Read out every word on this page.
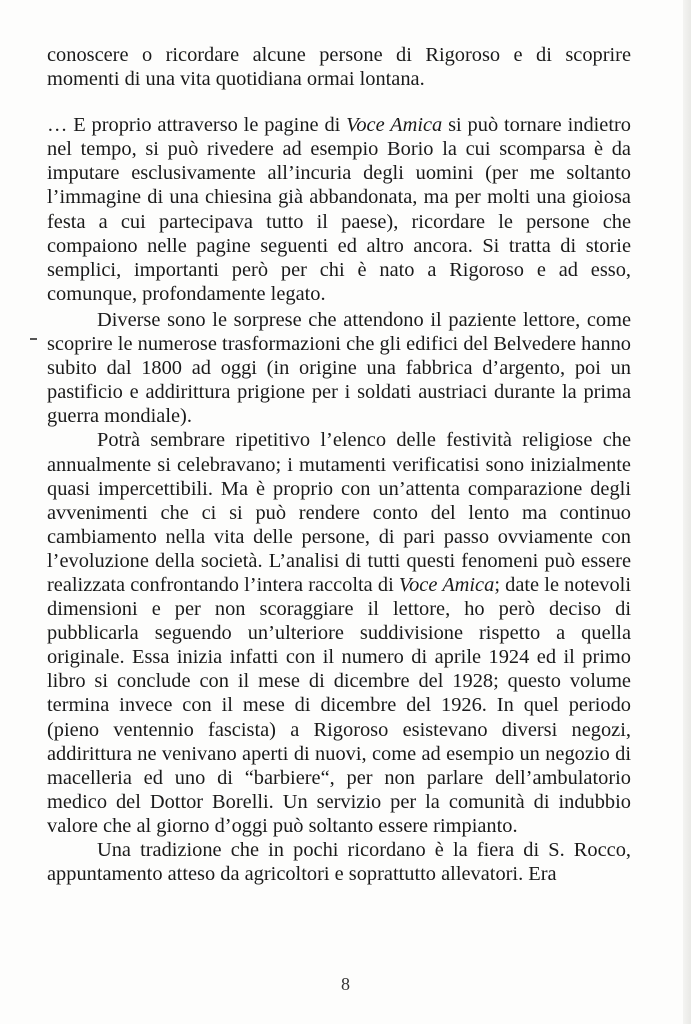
conoscere o ricordare alcune persone di Rigoroso e di scoprire momenti di una vita quotidiana ormai lontana.

… E proprio attraverso le pagine di Voce Amica si può tornare indietro nel tempo, si può rivedere ad esempio Borio la cui scomparsa è da imputare esclusivamente all’incuria degli uomini (per me soltanto l’immagine di una chiesina già abbandonata, ma per molti una gioiosa festa a cui partecipava tutto il paese), ricordare le persone che compaiono nelle pagine seguenti ed altro ancora. Si tratta di storie semplici, importanti però per chi è nato a Rigoroso e ad esso, comunque, profondamente legato.

Diverse sono le sorprese che attendono il paziente lettore, come scoprire le numerose trasformazioni che gli edifici del Belvedere hanno subito dal 1800 ad oggi (in origine una fabbrica d’argento, poi un pastificio e addirittura prigione per i soldati austriaci durante la prima guerra mondiale).

Potrà sembrare ripetitivo l’elenco delle festività religiose che annualmente si celebravano; i mutamenti verificatisi sono inizialmente quasi impercettibili. Ma è proprio con un’attenta comparazione degli avvenimenti che ci si può rendere conto del lento ma continuo cambiamento nella vita delle persone, di pari passo ovviamente con l’evoluzione della società. L’analisi di tutti questi fenomeni può essere realizzata confrontando l’intera raccolta di Voce Amica; date le notevoli dimensioni e per non scoraggiare il lettore, ho però deciso di pubblicarla seguendo un’ulteriore suddivisione rispetto a quella originale. Essa inizia infatti con il numero di aprile 1924 ed il primo libro si conclude con il mese di dicembre del 1928; questo volume termina invece con il mese di dicembre del 1926. In quel periodo (pieno ventennio fascista) a Rigoroso esistevano diversi negozi, addirittura ne venivano aperti di nuovi, come ad esempio un negozio di macelleria ed uno di “barbiere“, per non parlare dell’ambulatorio medico del Dottor Borelli. Un servizio per la comunità di indubbio valore che al giorno d’oggi può soltanto essere rimpianto.

Una tradizione che in pochi ricordano è la fiera di S. Rocco, appuntamento atteso da agricoltori e soprattutto allevatori. Era

8
